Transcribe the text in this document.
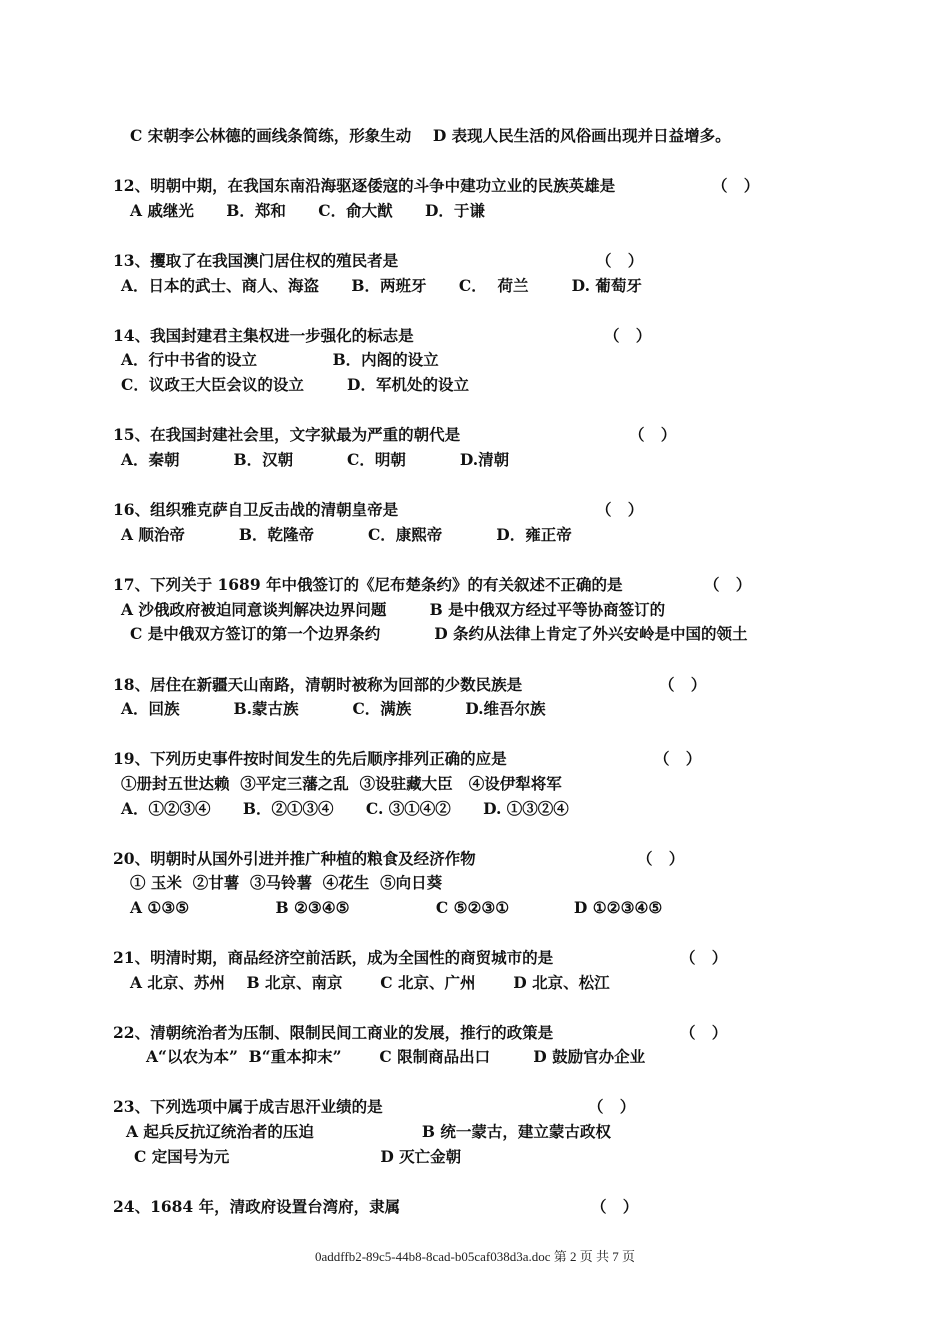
C 宋朝李公林德的画线条简练，形象生动    D 表现人民生活的风俗画出现并日益增多。
12、明朝中期，在我国东南沿海驱逐倭寇的斗争中建功立业的民族英雄是	（   ）
A 戚继光      B．郑和      C．俞大猷      D．于谦
13、攫取了在我国澳门居住权的殖民者是	（   ）
A．日本的武士、商人、海盗      B．两班牙      C．  荷兰        D. 葡萄牙
14、我国封建君主集权进一步强化的标志是	（   ）
A．行中书省的设立              B．内阁的设立
C．议政王大臣会议的设立        D．军机处的设立
15、在我国封建社会里，文字狱最为严重的朝代是	（   ）
A．秦朝          B．汉朝          C．明朝          D.清朝
16、组织雅克萨自卫反击战的清朝皇帝是	（   ）
A 顺治帝          B．乾隆帝          C．康熙帝          D．雍正帝
17、下列关于 1689 年中俄签订的《尼布楚条约》的有关叙述不正确的是	（   ）
A 沙俄政府被迫同意谈判解决边界问题        B 是中俄双方经过平等协商签订的
C 是中俄双方签订的第一个边界条约          D 条约从法律上肯定了外兴安岭是中国的领土
18、居住在新疆天山南路，清朝时被称为回部的少数民族是	（   ）
A．回族          B.蒙古族          C．满族          D.维吾尔族
19、下列历史事件按时间发生的先后顺序排列正确的应是	（   ）
①册封五世达赖  ③平定三藩之乱  ③设驻藏大臣   ④设伊犁将军
A．①②③④      B．②①③④      C. ③①④②      D. ①③②④
20、明朝时从国外引进并推广种植的粮食及经济作物	（   ）
① 玉米  ②甘薯  ③马铃薯  ④花生  ⑤向日葵
A ①③⑤                B ②③④⑤                C ⑤②③①            D ①②③④⑤
21、明清时期，商品经济空前活跃，成为全国性的商贸城市的是	（   ）
A 北京、苏州    B 北京、南京       C 北京、广州       D 北京、松江
22、清朝统治者为压制、限制民间工商业的发展，推行的政策是	（   ）
A“以农为本”  B“重本抑末”       C 限制商品出口        D 鼓励官办企业
23、下列选项中属于成吉思汗业绩的是	（   ）
A 起兵反抗辽统治者的压迫                    B 统一蒙古，建立蒙古政权
C 定国号为元                            D 灭亡金朝
24、1684 年，清政府设置台湾府，隶属	（   ）
0addffb2-89c5-44b8-8cad-b05caf038d3a.doc 第 2 页 共 7 页
